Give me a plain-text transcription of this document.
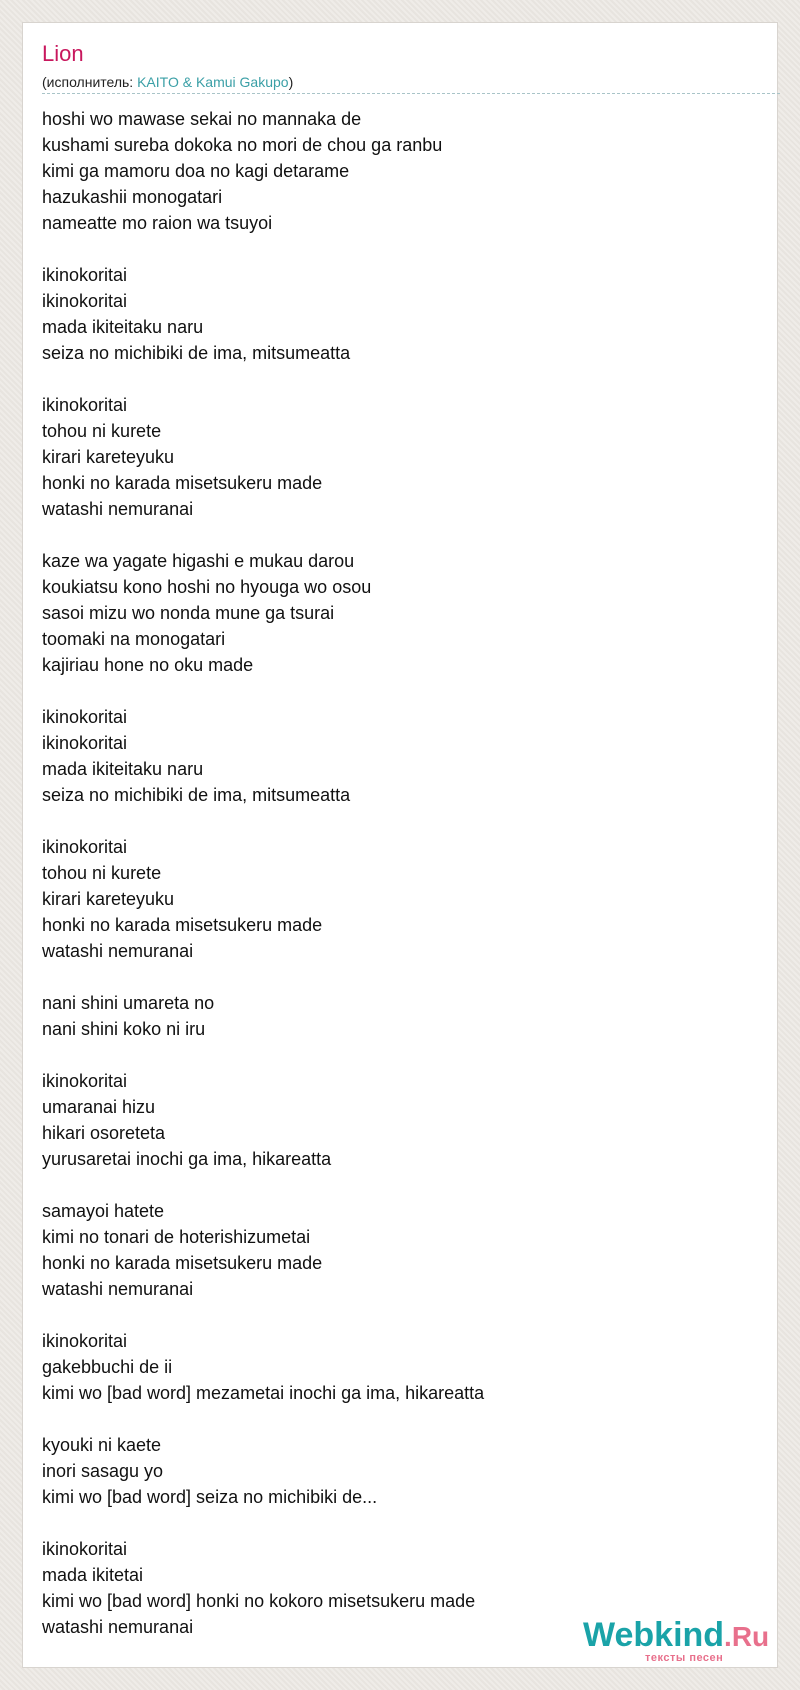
Lion
(исполнитель: KAITO & Kamui Gakupo)
hoshi wo mawase sekai no mannaka de
kushami sureba dokoka no mori de chou ga ranbu
kimi ga mamoru doa no kagi detarame
hazukashii monogatari
nameatte mo raion wa tsuyoi
ikinokoritai
ikinokoritai
mada ikiteitaku naru
seiza no michibiki de ima, mitsumeatta
ikinokoritai
tohou ni kurete
kirari kareteyuku
honki no karada misetsukeru made
watashi nemuranai
kaze wa yagate higashi e mukau darou
koukiatsu kono hoshi no hyouga wo osou
sasoi mizu wo nonda mune ga tsurai
toomaki na monogatari
kajiriau hone no oku made
ikinokoritai
ikinokoritai
mada ikiteitaku naru
seiza no michibiki de ima, mitsumeatta
ikinokoritai
tohou ni kurete
kirari kareteyuku
honki no karada misetsukeru made
watashi nemuranai
nani shini umareta no
nani shini koko ni iru
ikinokoritai
umaranai hizu
hikari osoreteta
yurusaretai inochi ga ima, hikareatta
samayoi hatete
kimi no tonari de hoterishizumetai
honki no karada misetsukeru made
watashi nemuranai
ikinokoritai
gakebbuchi de ii
kimi wo [bad word] mezametai inochi ga ima, hikareatta
kyouki ni kaete
inori sasagu yo
kimi wo [bad word] seiza no michibiki de...
ikinokoritai
mada ikitetai
kimi wo [bad word] honki no kokoro misetsukeru made
watashi nemuranai	Webkind.Ru
тексты песен
